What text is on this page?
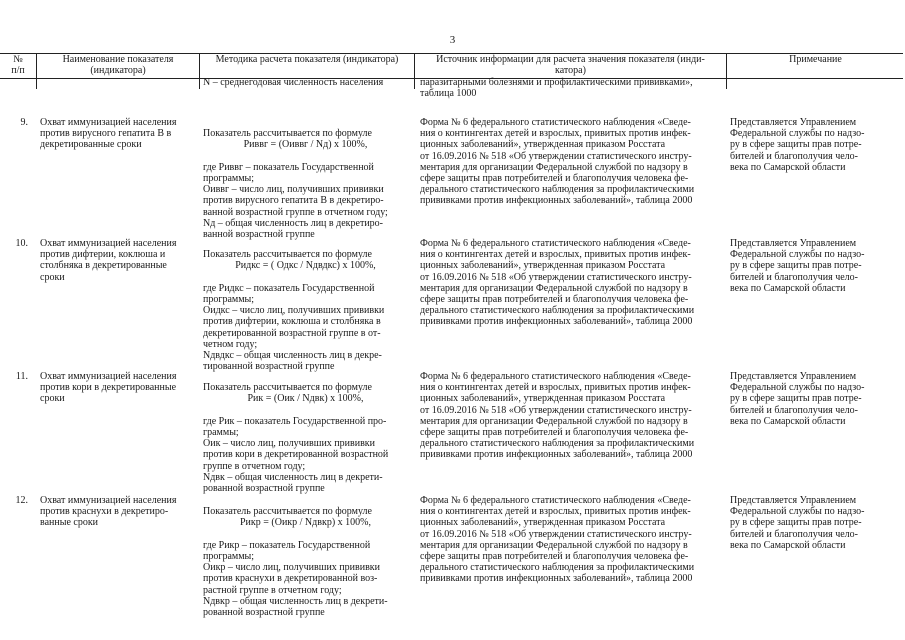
3
№
п/п
Наименование показателя
(индикатора)
Методика расчета показателя (индикатора)	Источник информации для расчета значения показателя (инди-
катора)
Примечание
N – среднегодовая численность населения	паразитарными болезнями и профилактическими прививками»,
таблица 1000
9. Охват иммунизацией населения
против вирусного гепатита В в
декретированные сроки

Показатель рассчитывается по формуле

Риввг = (Оиввг / Nд) x 100%,

где Риввг – показатель Государственной
программы;
Оиввг – число лиц, получивших прививки
против вирусного гепатита В в декретиро-
ванной возрастной группе в отчетном году;
Nд – общая численность лиц в декретиро-
ванной возрастной группе

Форма № 6 федерального статистического наблюдения «Сведе-
ния о контингентах детей и взрослых, привитых против инфек-
ционных заболеваний», утвержденная приказом Росстата
от 16.09.2016 № 518 «Об утверждении статистического инстру-
ментария для организации Федеральной службой по надзору в
сфере защиты прав потребителей и благополучия человека фе-
дерального статистического наблюдения за профилактическими
прививками против инфекционных заболеваний», таблица 2000
Представляется Управлением
Федеральной службы по надзо-
ру в сфере защиты прав потре-
бителей и благополучия чело-
века по Самарской области
10. Охват иммунизацией населения
против дифтерии, коклюша и
столбняка в декретированные
сроки

Показатель рассчитывается по формуле

Ридкс = ( Одкс / Nдвдкс) x 100%,

где Ридкс – показатель Государственной
программы;
Оидкс – число лиц, получивших прививки
против дифтерии, коклюша и столбняка в
декретированной возрастной группе в от-
четном году;
Nдвдкс – общая численность лиц в декре-
тированной возрастной группе

Форма № 6 федерального статистического наблюдения «Сведе-
ния о контингентах детей и взрослых, привитых против инфек-
ционных заболеваний», утвержденная приказом Росстата
от 16.09.2016 № 518 «Об утверждении статистического инстру-
ментария для организации Федеральной службой по надзору в
сфере защиты прав потребителей и благополучия человека фе-
дерального статистического наблюдения за профилактическими
прививками против инфекционных заболеваний», таблица 2000
Представляется Управлением
Федеральной службы по надзо-
ру в сфере защиты прав потре-
бителей и благополучия чело-
века по Самарской области
11. Охват иммунизацией населения
против кори в декретированные
сроки

Показатель рассчитывается по формуле

Рик = (Оик / Nдвк) x 100%,

где Рик – показатель Государственной про-
граммы;
Оик – число лиц, получивших прививки
против кори в декретированной возрастной
группе в отчетном году;
Nдвк – общая численность лиц в декрети-
рованной возрастной группе

Форма № 6 федерального статистического наблюдения «Сведе-
ния о контингентах детей и взрослых, привитых против инфек-
ционных заболеваний», утвержденная приказом Росстата
от 16.09.2016 № 518 «Об утверждении статистического инстру-
ментария для организации Федеральной службой по надзору в
сфере защиты прав потребителей и благополучия человека фе-
дерального статистического наблюдения за профилактическими
прививками против инфекционных заболеваний», таблица 2000
Представляется Управлением
Федеральной службы по надзо-
ру в сфере защиты прав потре-
бителей и благополучия чело-
века по Самарской области
12. Охват иммунизацией населения
против краснухи в декретиро-
ванные сроки

Показатель рассчитывается по формуле

Рикр = (Оикр / Nдвкр) x 100%,

где Рикр – показатель Государственной
программы;
Оикр – число лиц, получивших прививки
против краснухи в декретированной воз-
растной группе в отчетном году;
Nдвкр – общая численность лиц в декрети-
рованной возрастной группе

Форма № 6 федерального статистического наблюдения «Сведе-
ния о контингентах детей и взрослых, привитых против инфек-
ционных заболеваний», утвержденная приказом Росстата
от 16.09.2016 № 518 «Об утверждении статистического инстру-
ментария для организации Федеральной службой по надзору в
сфере защиты прав потребителей и благополучия человека фе-
дерального статистического наблюдения за профилактическими
прививками против инфекционных заболеваний», таблица 2000
Представляется Управлением
Федеральной службы по надзо-
ру в сфере защиты прав потре-
бителей и благополучия чело-
века по Самарской области
